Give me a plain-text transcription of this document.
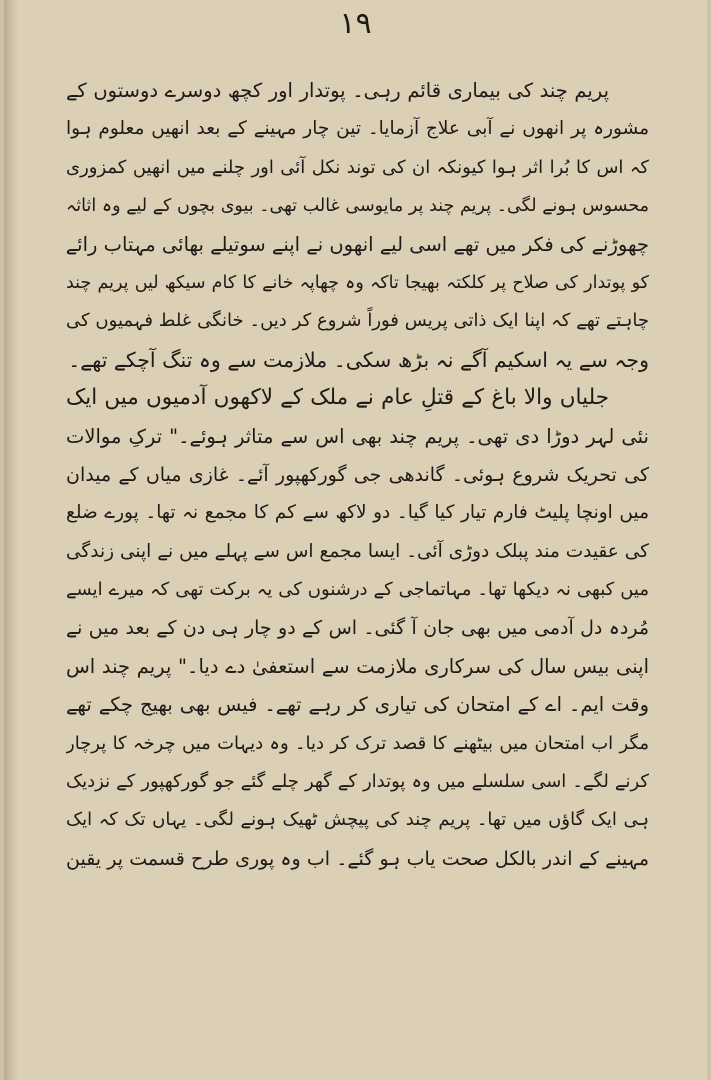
۱۹
پریم چند کی بیماری قائم رہی۔ پوتدار اور کچھ دوسرے دوستوں کے
مشورہ پر انھوں نے آبی علاج آزمایا۔ تین چار مہینے کے بعد انھیں معلوم ہوا
کہ اس کا بُرا اثر ہوا کیونکہ ان کی توند نکل آئی اور چلنے میں انھیں کمزوری
محسوس ہونے لگی۔ پریم چند پر مایوسی غالب تھی۔ بیوی بچوں کے لیے وہ اثاثہ
چھوڑنے کی فکر میں تھے اسی لیے انھوں نے اپنے سوتیلے بھائی مہتاب رائے
کو پوتدار کی صلاح پر کلکتہ بھیجا تاکہ وہ چھاپہ خانے کا کام سیکھ لیں پریم چند
چاہتے تھے کہ اپنا ایک ذاتی پریس فوراً شروع کر دیں۔ خانگی غلط فہمیوں کی
وجہ سے یہ اسکیم آگے نہ بڑھ سکی۔ ملازمت سے وہ تنگ آچکے تھے۔
جلیاں والا باغ کے قتلِ عام نے ملک کے لاکھوں آدمیوں میں ایک
نئی لہر دوڑا دی تھی۔ پریم چند بھی اس سے متاثر ہوئے۔" ترکِ موالات
کی تحریک شروع ہوئی۔ گاندھی جی گورکھپور آئے۔ غازی میاں کے میدان
میں اونچا پلیٹ فارم تیار کیا گیا۔ دو لاکھ سے کم کا مجمع نہ تھا۔ پورے ضلع
کی عقیدت مند پبلک دوڑی آئی۔ ایسا مجمع اس سے پہلے میں نے اپنی زندگی
میں کبھی نہ دیکھا تھا۔ مہاتماجی کے درشنوں کی یہ برکت تھی کہ میرے ایسے
مُردہ دل آدمی میں بھی جان آ گئی۔ اس کے دو چار ہی دن کے بعد میں نے
اپنی بیس سال کی سرکاری ملازمت سے استعفیٰ دے دیا۔" پریم چند اس
وقت ایم۔ اے کے امتحان کی تیاری کر رہے تھے۔ فیس بھی بھیج چکے تھے
مگر اب امتحان میں بیٹھنے کا قصد ترک کر دیا۔ وہ دیہات میں چرخہ کا پرچار
کرنے لگے۔ اسی سلسلے میں وہ پوتدار کے گھر چلے گئے جو گورکھپور کے نزدیک
ہی ایک گاؤں میں تھا۔ پریم چند کی پیچش ٹھیک ہونے لگی۔ یہاں تک کہ ایک
مہینے کے اندر بالکل صحت یاب ہو گئے۔ اب وہ پوری طرح قسمت پر یقین
